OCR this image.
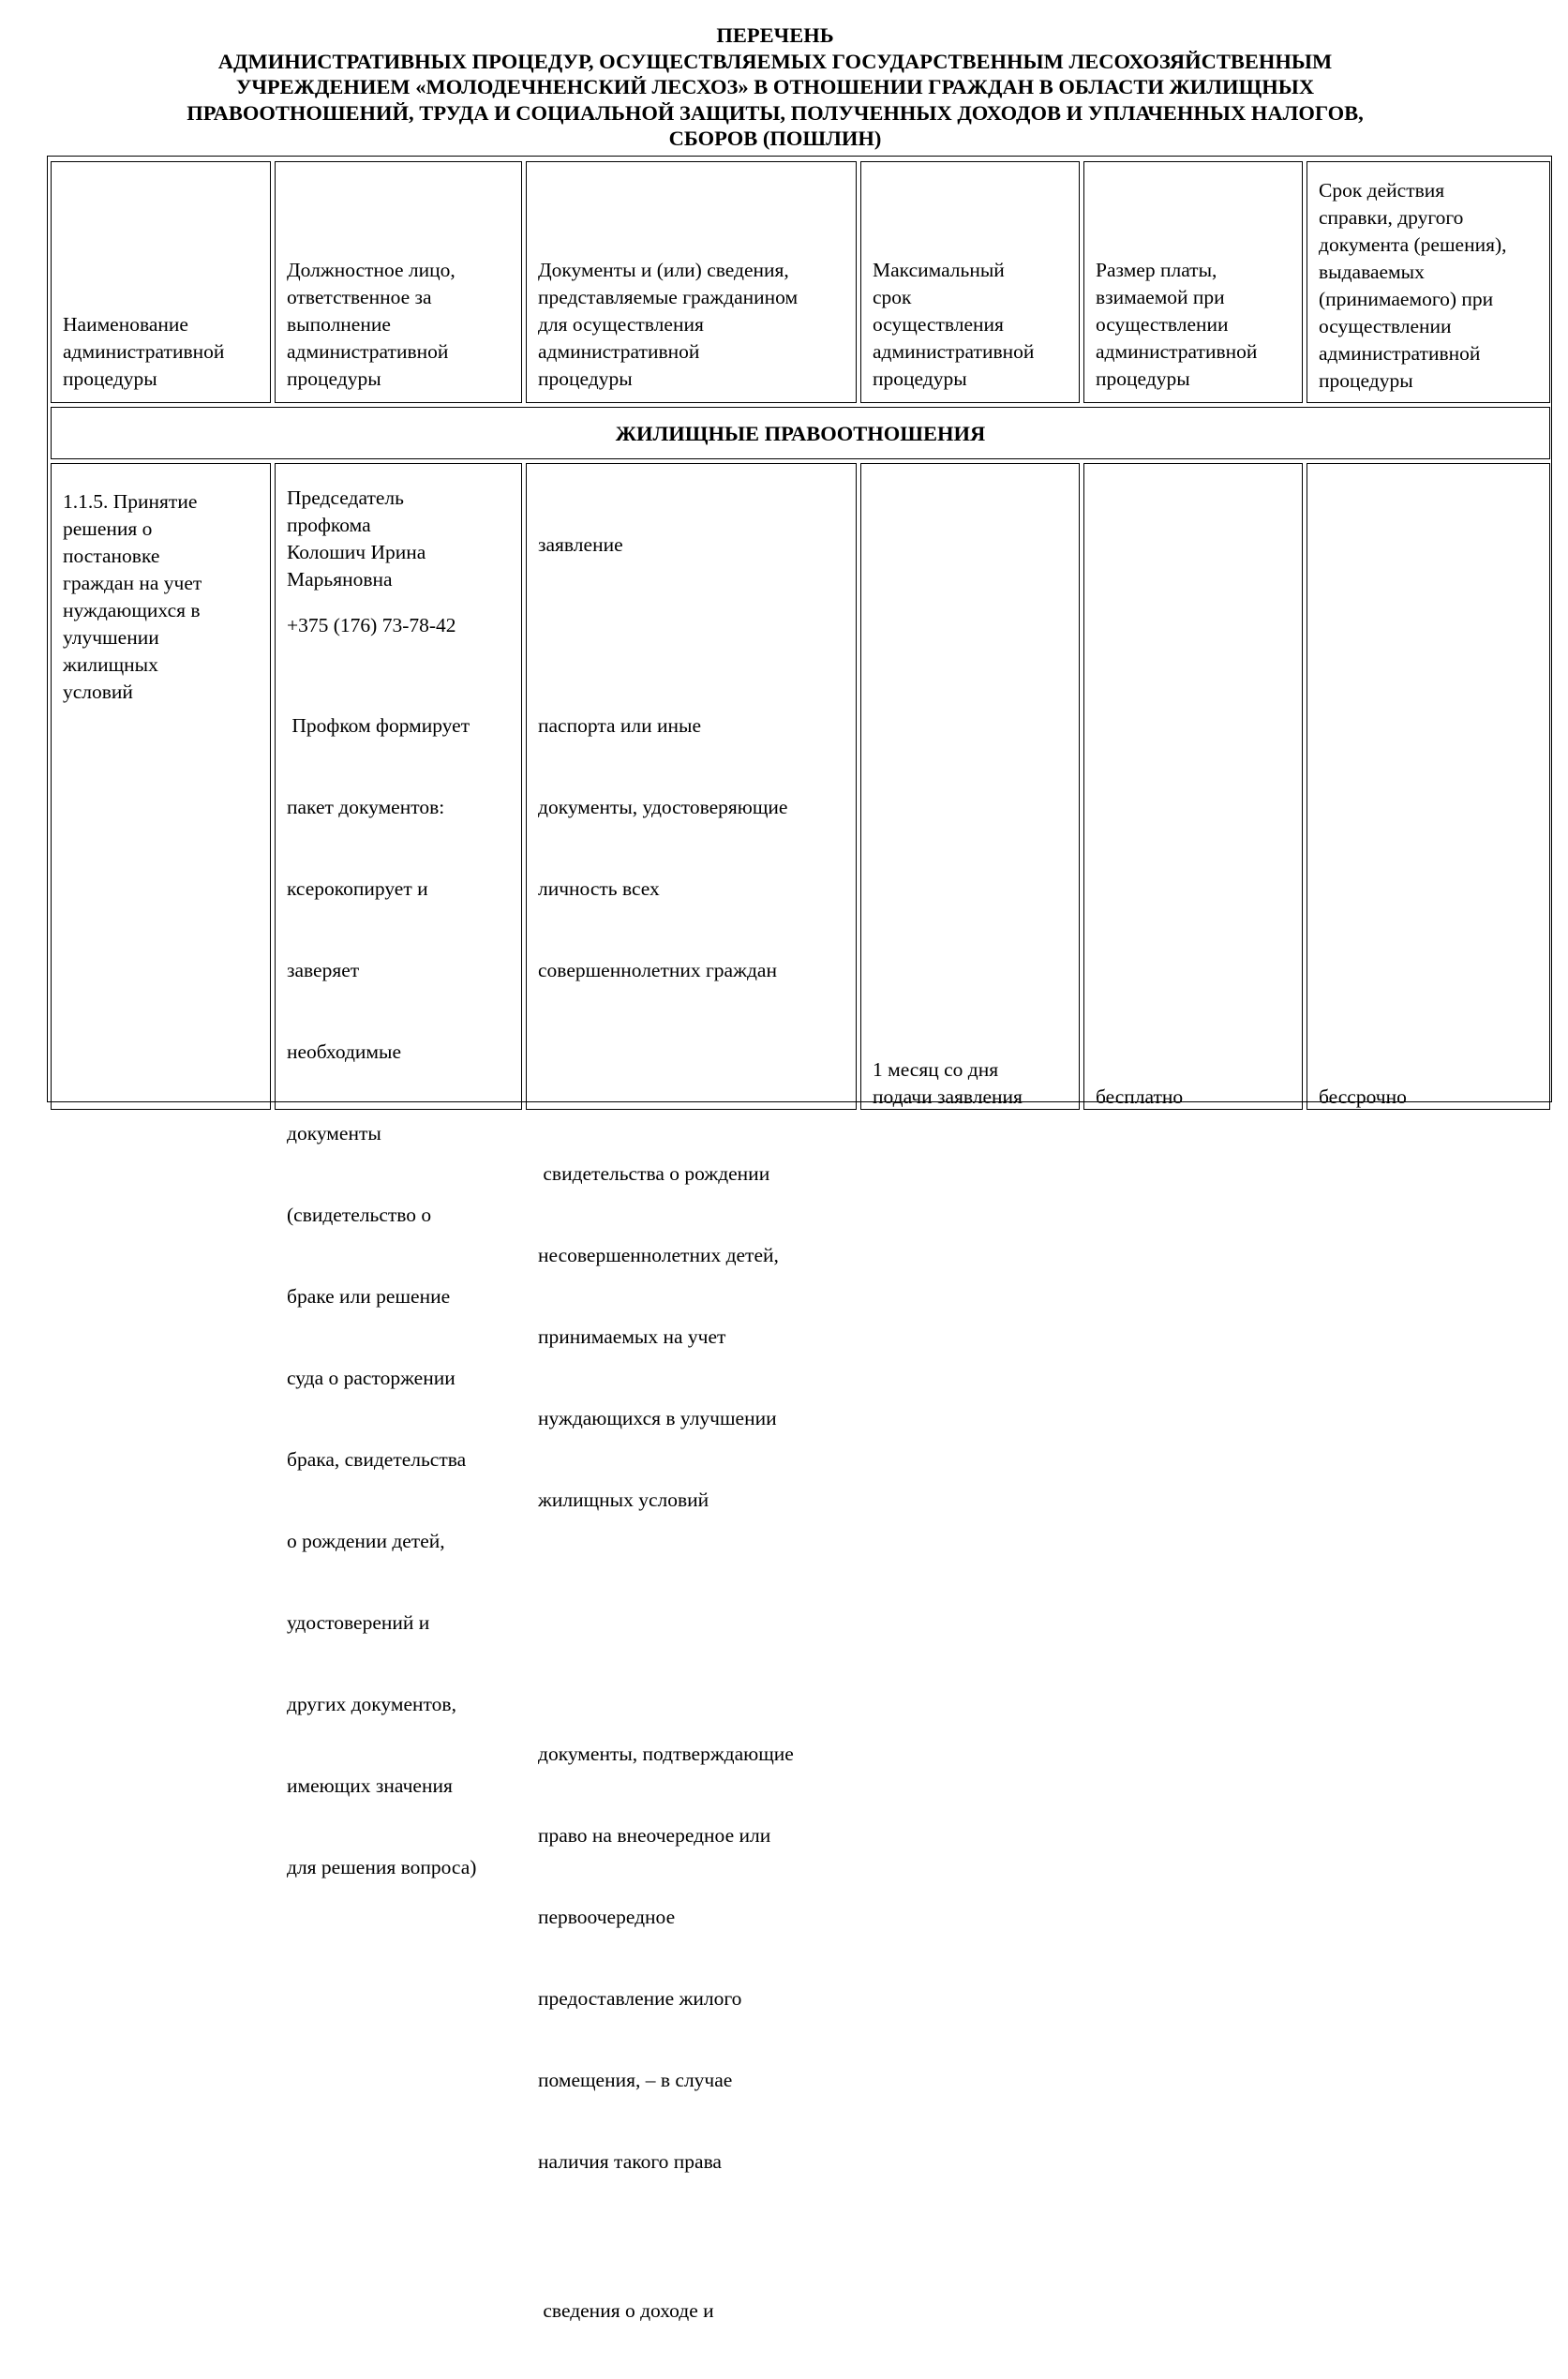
ПЕРЕЧЕНЬ
АДМИНИСТРАТИВНЫХ ПРОЦЕДУР, ОСУЩЕСТВЛЯЕМЫХ ГОСУДАРСТВЕННЫМ ЛЕСОХОЗЯЙСТВЕННЫМ
УЧРЕЖДЕНИЕМ «МОЛОДЕЧНЕНСКИЙ ЛЕСХОЗ» В ОТНОШЕНИИ ГРАЖДАН В ОБЛАСТИ ЖИЛИЩНЫХ
ПРАВООТНОШЕНИЙ, ТРУДА И СОЦИАЛЬНОЙ ЗАЩИТЫ, ПОЛУЧЕННЫХ ДОХОДОВ И УПЛАЧЕННЫХ НАЛОГОВ,
СБОРОВ (ПОШЛИН)
Наименование
административной
процедуры
Должностное лицо,
ответственное за
выполнение
административной
процедуры
Документы и (или) сведения,
представляемые гражданином
для осуществления
административной
процедуры
Максимальный
срок
осуществления
административной
процедуры
Размер платы,
взимаемой при
осуществлении
административной
процедуры
Срок действия
справки, другого
документа (решения),
выдаваемых
(принимаемого) при
осуществлении
административной
процедуры
ЖИЛИЩНЫЕ ПРАВООТНОШЕНИЯ
1.1.5. Принятие
решения о
постановке
граждан на учет
нуждающихся в
улучшении
жилищных
условий
Председатель
профкома
Колошич Ирина
Марьяновна
+375 (176) 73-78-42

Профком формирует

пакет документов:

ксерокопирует и

заверяет

необходимые

документы

(свидетельство о

браке или решение

суда о расторжении

брака, свидетельства

о рождении детей,

удостоверений и

других документов,

имеющих значения

для решения вопроса)

заявление

паспорта или иные

документы, удостоверяющие

личность всех

совершеннолетних граждан

свидетельства о рождении

несовершеннолетних детей,

принимаемых на учет

нуждающихся в улучшении

жилищных условий

документы, подтверждающие

право на внеочередное или

первоочередное

предоставление жилого

помещения, – в случае

наличия такого права

сведения о доходе и

1 месяц со дня
подачи заявления	бесплатно	бессрочно
